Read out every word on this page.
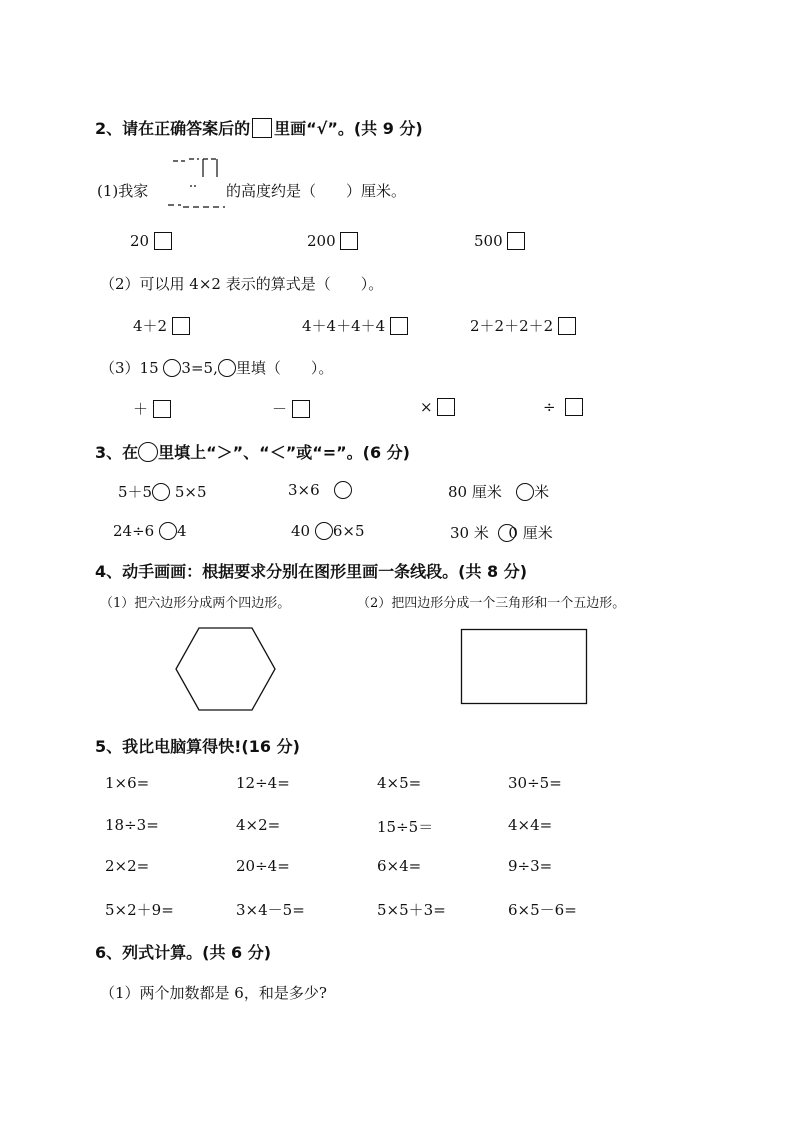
2、请在正确答案后的 里画“√”。(共 9 分)
(1)我家	的高度约是（　　）厘米。
20	200	500
（2）可以用 4×2 表示的算式是（　　）。
4＋2	4＋4＋4＋4	2＋2＋2＋2
（3）15 3=5, 里填（　　）。
＋	－	×	÷
3、在 里填上“＞”、“＜”或“=”。(6 分)
5＋5 5×5	3×6	80 厘米 米
24÷6 4	40 6×5	30 米 0 厘米
4、动手画画：根据要求分别在图形里画一条线段。(共 8 分)
（1）把六边形分成两个四边形。	（2）把四边形分成一个三角形和一个五边形。
5、我比电脑算得快!(16 分)
1×6=	12÷4=	4×5=	30÷5=
18÷3=	4×2=	15÷5＝	4×4=
2×2=	20÷4=	6×4=	9÷3=
5×2＋9=	3×4－5=	5×5＋3=	6×5－6=
6、列式计算。(共 6 分)
（1）两个加数都是 6，和是多少?
